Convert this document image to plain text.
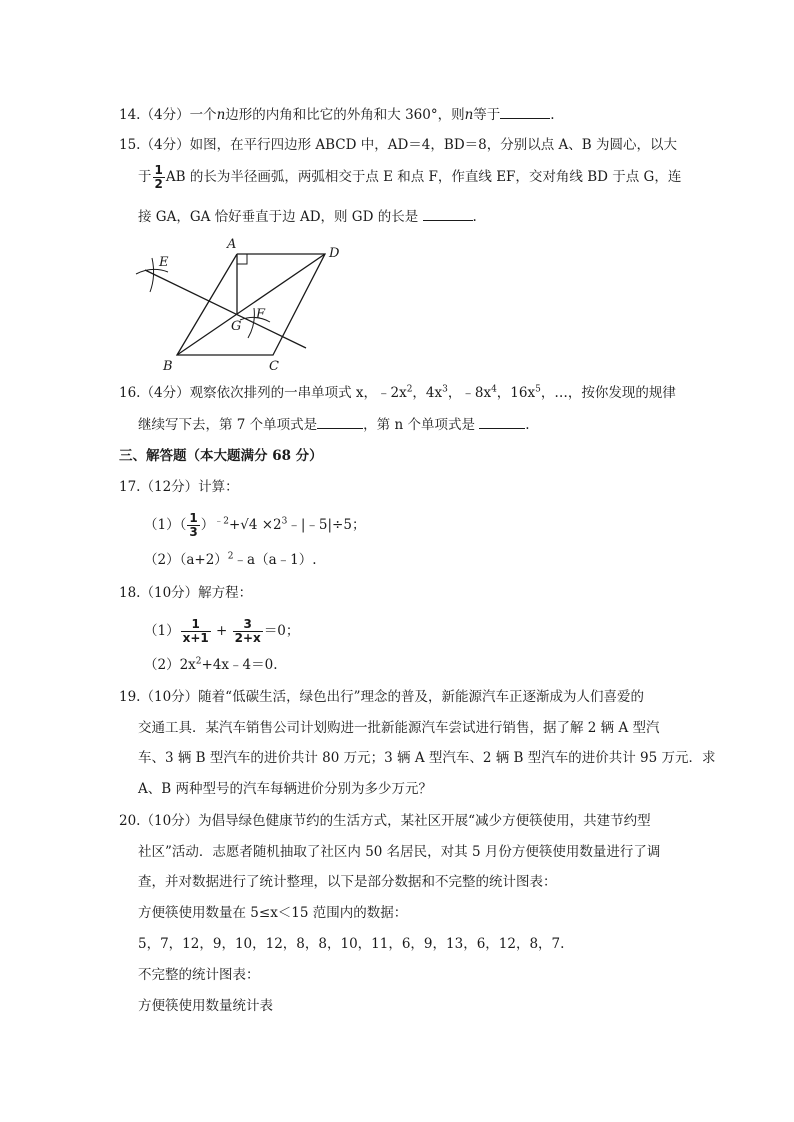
14.（4分）一个n边形的内角和比它的外角和大 360°，则n等于	.
15.（4分）如图，在平行四边形 ABCD 中，AD＝4，BD＝8，分别以点 A、B 为圆心，以大
于 $\frac{1}{2}$ AB 的长为半径画弧，两弧相交于点 E 和点 F，作直线 EF，交对角线 BD 于点 G，连
接 GA，GA 恰好垂直于边 AD，则 GD 的长是	.
A
D
B	C
E
F
G
16.（4分）观察依次排列的一串单项式 x，$﹣2x^2$，$4x^3$，$﹣8x^4$，$16x^5$，…，按你发现的规律
继续写下去，第 7 个单项式是	，第 n 个单项式是	.
三、解答题（本大题满分 68 分）
17.（12分）计算：
$(1)( \frac{1}{3} )^{﹣2}+√4$ $\times 2^3﹣|﹣5|\div 5$；
$(2)(a+2)^2﹣a(a﹣1)$.
18.（10分）解方程：
$(1) \frac{1}{x+1} + \frac{3}{2+x} =0$；
$(2)2x^2+4x﹣4=0$.
19.（10分）随着“低碳生活，绿色出行”理念的普及，新能源汽车正逐渐成为人们喜爱的
交通工具．某汽车销售公司计划购进一批新能源汽车尝试进行销售，据了解 2 辆 A 型汽
车、3 辆 B 型汽车的进价共计 80 万元；3 辆 A 型汽车、2 辆 B 型汽车的进价共计 95 万元．求
A、B 两种型号的汽车每辆进价分别为多少万元？
20.（10分）为倡导绿色健康节约的生活方式，某社区开展“减少方便筷使用，共建节约型
社区”活动．志愿者随机抽取了社区内 50 名居民，对其 5 月份方便筷使用数量进行了调
查，并对数据进行了统计整理，以下是部分数据和不完整的统计图表：
方便筷使用数量在 5≤x＜15 范围内的数据：
5，7，12，9，10，12，8，8，10，11，6，9，13，6，12，8，7.
不完整的统计图表：
方便筷使用数量统计表
